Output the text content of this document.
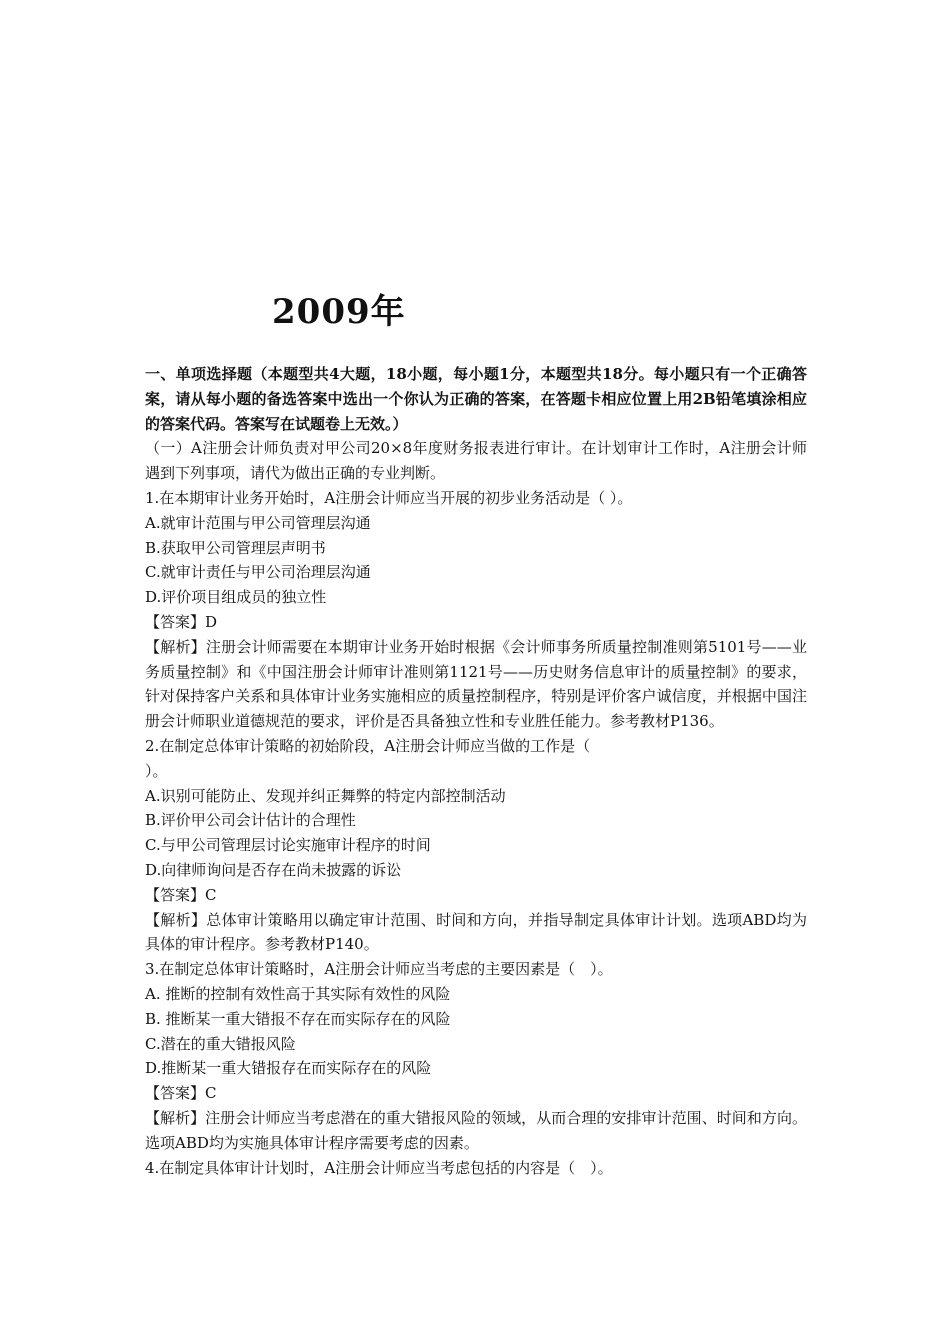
2009年

一、单项选择题（本题型共4大题，18小题，每小题1分，本题型共18分。每小题只有一个正确答案，请从每小题的备选答案中选出一个你认为正确的答案，在答题卡相应位置上用2B铅笔填涂相应的答案代码。答案写在试题卷上无效。）

（一）A注册会计师负责对甲公司20×8年度财务报表进行审计。在计划审计工作时，A注册会计师遇到下列事项，请代为做出正确的专业判断。

1.在本期审计业务开始时，A注册会计师应当开展的初步业务活动是（ ）。

A.就审计范围与甲公司管理层沟通

B.获取甲公司管理层声明书

C.就审计责任与甲公司治理层沟通

D.评价项目组成员的独立性

【答案】D

【解析】注册会计师需要在本期审计业务开始时根据《会计师事务所质量控制准则第5101号——业务质量控制》和《中国注册会计师审计准则第1121号——历史财务信息审计的质量控制》的要求，针对保持客户关系和具体审计业务实施相应的质量控制程序，特别是评价客户诚信度，并根据中国注册会计师职业道德规范的要求，评价是否具备独立性和专业胜任能力。参考教材P136。

2.在制定总体审计策略的初始阶段，A注册会计师应当做的工作是（

）。

A.识别可能防止、发现并纠正舞弊的特定内部控制活动

B.评价甲公司会计估计的合理性

C.与甲公司管理层讨论实施审计程序的时间

D.向律师询问是否存在尚未披露的诉讼

【答案】C

【解析】总体审计策略用以确定审计范围、时间和方向，并指导制定具体审计计划。选项ABD均为具体的审计程序。参考教材P140。

3.在制定总体审计策略时，A注册会计师应当考虑的主要因素是（　）。

A. 推断的控制有效性高于其实际有效性的风险

B. 推断某一重大错报不存在而实际存在的风险

C.潜在的重大错报风险

D.推断某一重大错报存在而实际存在的风险

【答案】C

【解析】注册会计师应当考虑潜在的重大错报风险的领域，从而合理的安排审计范围、时间和方向。选项ABD均为实施具体审计程序需要考虑的因素。

4.在制定具体审计计划时，A注册会计师应当考虑包括的内容是（　）。
